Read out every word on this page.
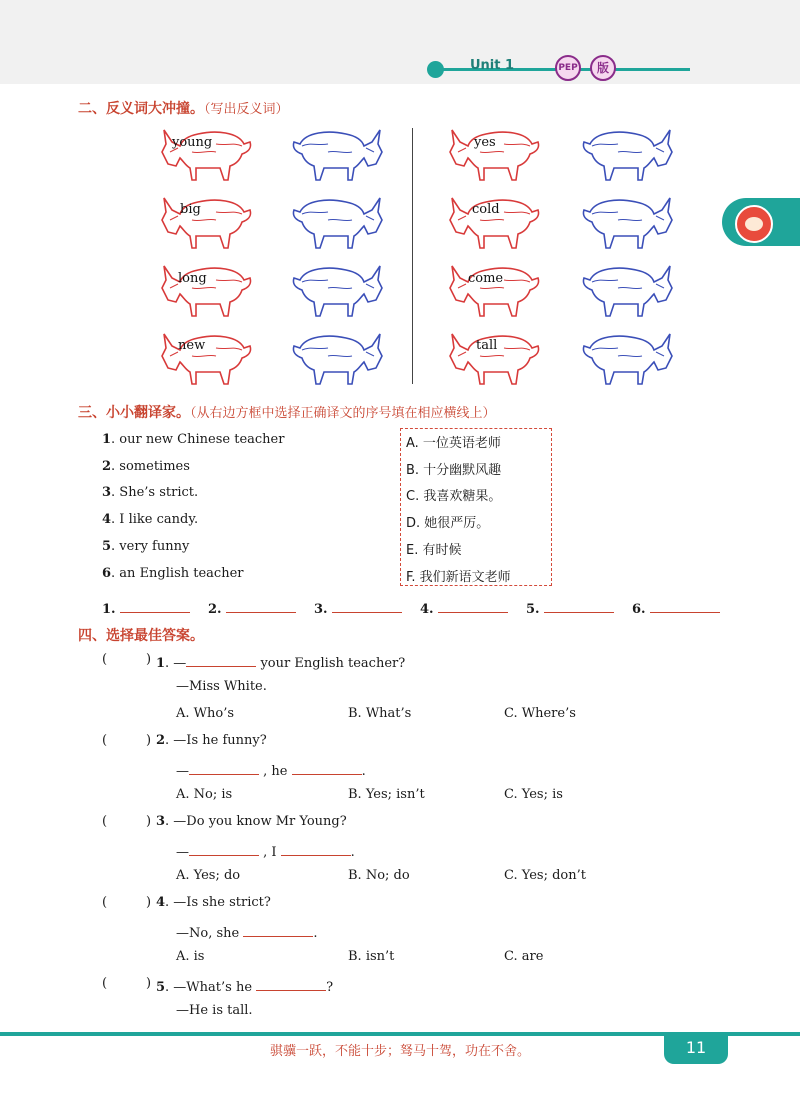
Unit 1	PEP	版
二、反义词大冲撞。（写出反义词）
young
big
long
new
yes
cold
come
tall
三、小小翻译家。（从右边方框中选择正确译文的序号填在相应横线上）
1. our new Chinese teacher
2. sometimes
3. She’s strict.
4. I like candy.
5. very funny
6. an English teacher
A. 一位英语老师
B. 十分幽默风趣
C. 我喜欢糖果。
D. 她很严厉。
E. 有时候
F. 我们新语文老师
1.	2.	3.	4.	5.	6.
四、选择最佳答案。
(	) 1. —	your English teacher?
—Miss White.
A. Who’s	B. What’s	C. Where’s
(	) 2. —Is he funny?
—	, he	.
A. No; is	B. Yes; isn’t	C. Yes; is
(	) 3. —Do you know Mr Young?
—	, I	.
A. Yes; do	B. No; do	C. Yes; don’t
(	) 4. —Is she strict?
—No, she	.
A. is	B. isn’t	C. are
(	) 5. —What’s he	?
—He is tall.
骐骥一跃，不能十步；驽马十驾，功在不舍。	11
